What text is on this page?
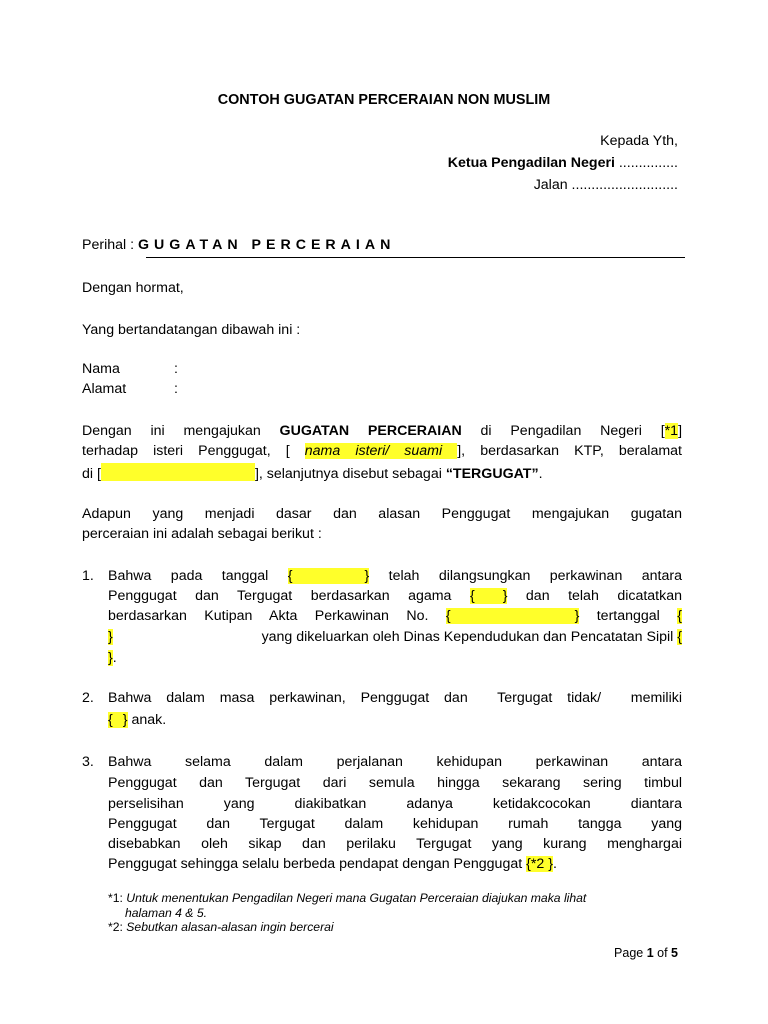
CONTOH GUGATAN PERCERAIAN NON MUSLIM
Kepada Yth,
Ketua Pengadilan Negeri ...............
Jalan ...........................
Perihal : GUGATAN PERCERAIAN
Dengan hormat,
Yang bertandatangan dibawah ini :
Nama	:
Alamat	:
Dengan ini mengajukan GUGATAN PERCERAIAN di Pengadilan Negeri [*1]
terhadap isteri Penggugat, [ nama isteri/ suami ], berdasarkan KTP, beralamat
di [	], selanjutnya disebut sebagai “TERGUGAT”.
Adapun yang menjadi dasar dan alasan Penggugat mengajukan gugatan
perceraian ini adalah sebagai berikut :
1. Bahwa pada tanggal {	} telah dilangsungkan perkawinan antara
Penggugat dan Tergugat berdasarkan agama { } dan telah dicatatkan
berdasarkan Kutipan Akta Perkawinan No. {	} tertanggal {
}	yang dikeluarkan oleh Dinas Kependudukan dan Pencatatan Sipil {
}.
2. Bahwa dalam masa perkawinan, Penggugat dan  Tergugat tidak/  memiliki
{ } anak.
3. Bahwa selama dalam perjalanan kehidupan perkawinan antara
Penggugat dan Tergugat dari semula hingga sekarang sering timbul
perselisihan yang diakibatkan adanya ketidakcocokan diantara
Penggugat dan Tergugat dalam kehidupan rumah tangga yang
disebabkan oleh sikap dan perilaku Tergugat yang kurang menghargai
Penggugat sehingga selalu berbeda pendapat dengan Penggugat {*2 }.
*1: Untuk menentukan Pengadilan Negeri mana Gugatan Perceraian diajukan maka lihat
halaman 4 & 5.
*2: Sebutkan alasan-alasan ingin bercerai
Page 1 of 5
